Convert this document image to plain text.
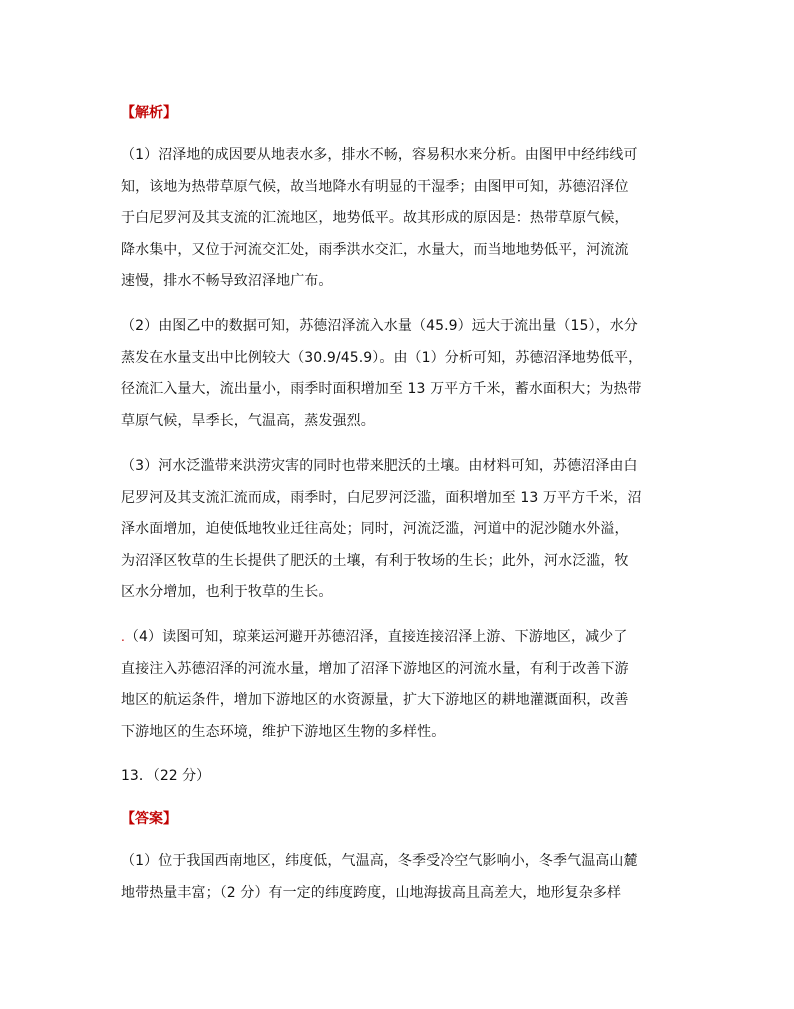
【解析】
（1）沼泽地的成因要从地表水多，排水不畅，容易积水来分析。由图甲中经纬线可
知，该地为热带草原气候，故当地降水有明显的干湿季；由图甲可知，苏德沼泽位
于白尼罗河及其支流的汇流地区，地势低平。故其形成的原因是：热带草原气候，
降水集中，又位于河流交汇处，雨季洪水交汇，水量大，而当地地势低平，河流流
速慢，排水不畅导致沼泽地广布。
（2）由图乙中的数据可知，苏德沼泽流入水量（45.9）远大于流出量（15），水分
蒸发在水量支出中比例较大（30.9/45.9）。由（1）分析可知，苏德沼泽地势低平，
径流汇入量大，流出量小，雨季时面积增加至 13 万平方千米，蓄水面积大；为热带
草原气候，旱季长，气温高，蒸发强烈。
（3）河水泛滥带来洪涝灾害的同时也带来肥沃的土壤。由材料可知，苏德沼泽由白
尼罗河及其支流汇流而成，雨季时，白尼罗河泛滥，面积增加至 13 万平方千米，沼
泽水面增加，迫使低地牧业迁往高处；同时，河流泛滥，河道中的泥沙随水外溢，
为沼泽区牧草的生长提供了肥沃的土壤，有利于牧场的生长；此外，河水泛滥，牧
区水分增加，也利于牧草的生长。
.（4）读图可知，琼莱运河避开苏德沼泽，直接连接沼泽上游、下游地区，减少了
直接注入苏德沼泽的河流水量，增加了沼泽下游地区的河流水量，有利于改善下游
地区的航运条件，增加下游地区的水资源量，扩大下游地区的耕地灌溉面积，改善
下游地区的生态环境，维护下游地区生物的多样性。
13．（22 分）
【答案】
（1）位于我国西南地区，纬度低，气温高，冬季受冷空气影响小，冬季气温高山麓
地带热量丰富；（2 分）有一定的纬度跨度，山地海拔高且高差大，地形复杂多样
